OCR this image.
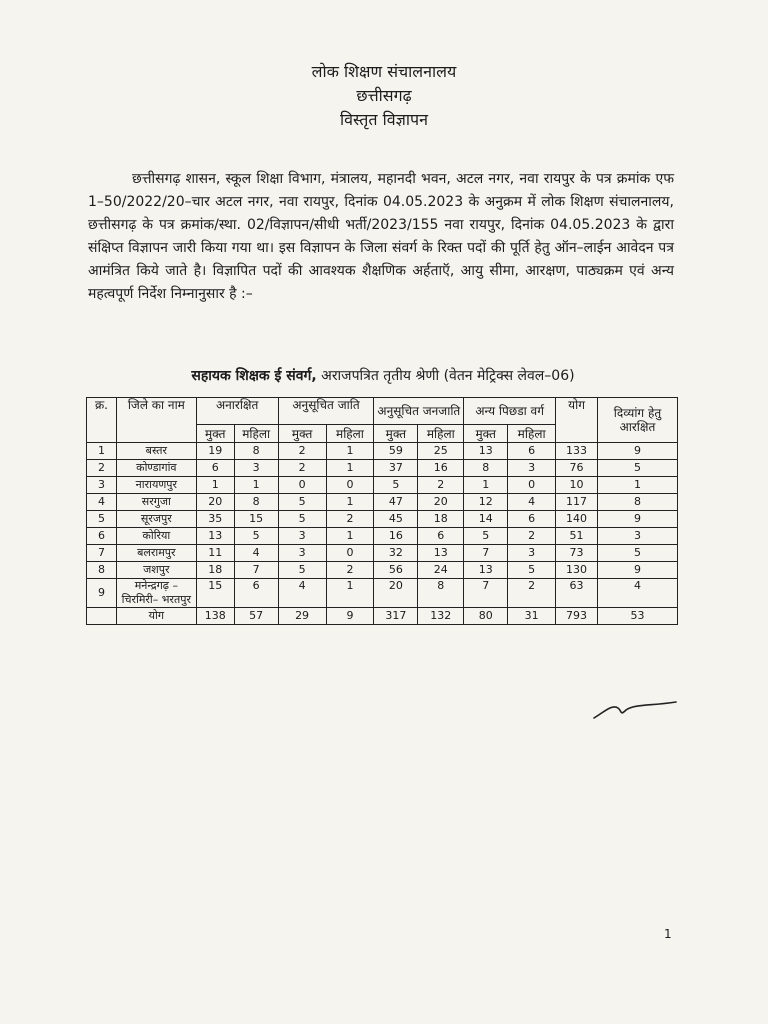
लोक शिक्षण संचालनालय
छत्तीसगढ़
विस्तृत विज्ञापन
छत्तीसगढ़ शासन, स्कूल शिक्षा विभाग, मंत्रालय, महानदी भवन, अटल नगर, नवा रायपुर के पत्र क्रमांक एफ 1–50/2022/20–चार अटल नगर, नवा रायपुर, दिनांक 04.05.2023 के अनुक्रम में लोक शिक्षण संचालनालय, छत्तीसगढ़ के पत्र क्रमांक/स्था. 02/विज्ञापन/सीधी भर्ती/2023/155 नवा रायपुर, दिनांक 04.05.2023 के द्वारा संक्षिप्त विज्ञापन जारी किया गया था। इस विज्ञापन के जिला संवर्ग के रिक्त पदों की पूर्ति हेतु ऑन–लाईन आवेदन पत्र आमंत्रित किये जाते है। विज्ञापित पदों की आवश्यक शैक्षणिक अर्हताऍ, आयु सीमा, आरक्षण, पाठ्यक्रम एवं अन्य महत्वपूर्ण निर्देश निम्नानुसार है :–
सहायक शिक्षक ई संवर्ग, अराजपत्रित तृतीय श्रेणी (वेतन मेट्रिक्स लेवल–06)
क्र.	जिले का नाम	अनारक्षित		अनुसूचित जाति		अनुसूचित जनजाति		अन्य पिछडा वर्ग		योग	दिव्यांग हेतु आरक्षित
		मुक्त	महिला	मुक्त	महिला	मुक्त	महिला	मुक्त	महिला		
1	बस्तर	19	8	2	1	59	25	13	6	133	9
2	कोण्डागांव	6	3	2	1	37	16	8	3	76	5
3	नारायणपुर	1	1	0	0	5	2	1	0	10	1
4	सरगुजा	20	8	5	1	47	20	12	4	117	8
5	सूरजपुर	35	15	5	2	45	18	14	6	140	9
6	कोरिया	13	5	3	1	16	6	5	2	51	3
7	बलरामपुर	11	4	3	0	32	13	7	3	73	5
8	जशपुर	18	7	5	2	56	24	13	5	130	9
9	मनेन्द्रगढ़ – चिरमिरी– भरतपुर	15	6	4	1	20	8	7	2	63	4
	योग	138	57	29	9	317	132	80	31	793	53
1
